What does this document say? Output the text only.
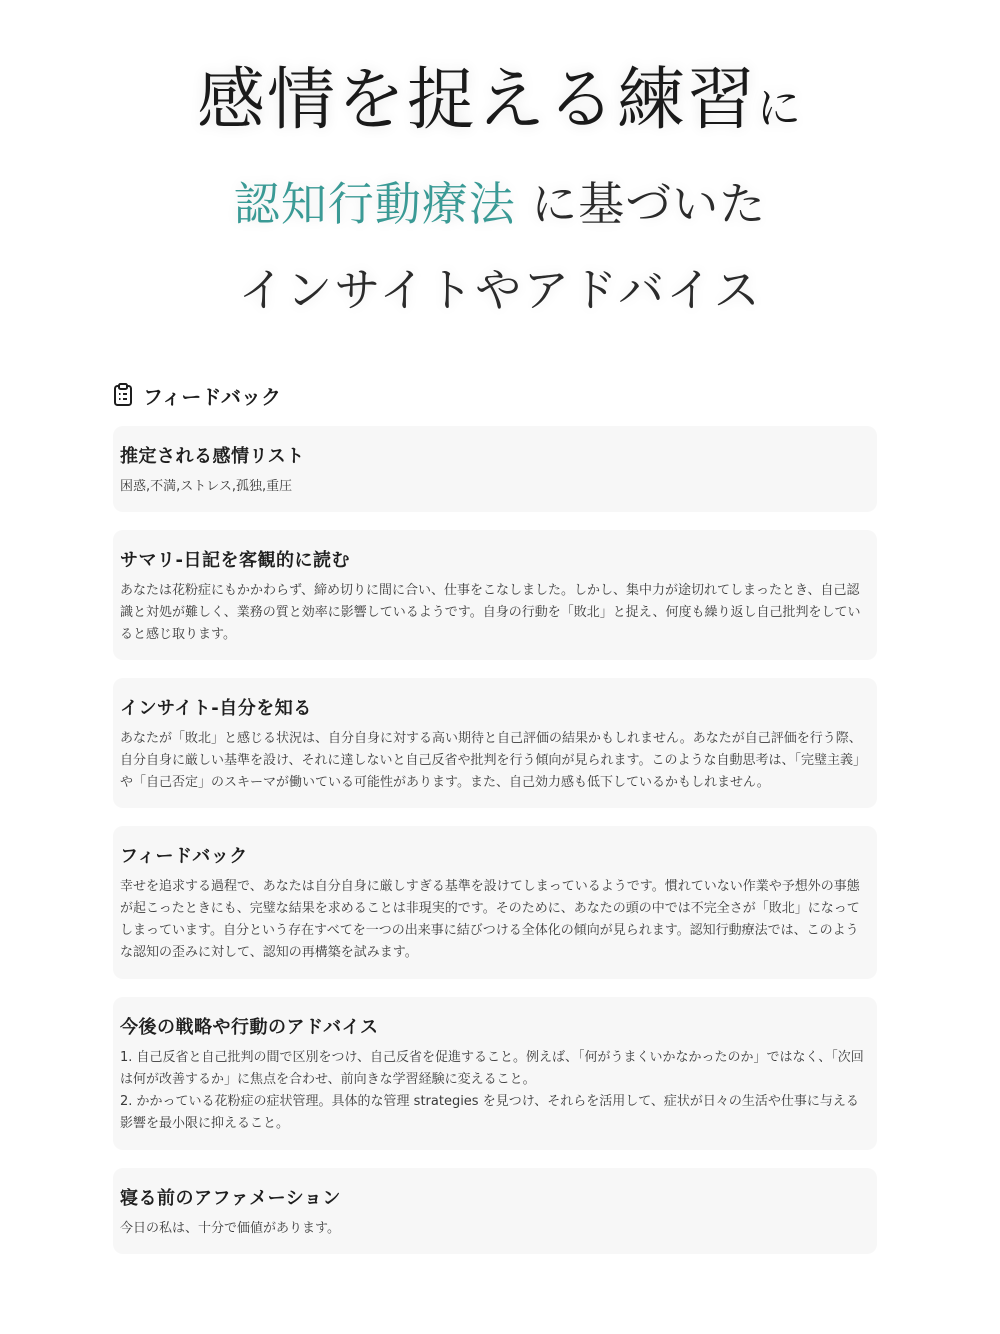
感情を捉える練習に
認知行動療法 に基づいた
インサイトやアドバイス
フィードバック
推定される感情リスト

困惑,不満,ストレス,孤独,重圧

サマリ-日記を客観的に読む

あなたは花粉症にもかかわらず、締め切りに間に合い、仕事をこなしました。しかし、集中力が途切れてしまったとき、自己認識と対処が難しく、業務の質と効率に影響しているようです。自身の行動を「敗北」と捉え、何度も繰り返し自己批判をしていると感じ取ります。

インサイト-自分を知る

あなたが「敗北」と感じる状況は、自分自身に対する高い期待と自己評価の結果かもしれません。あなたが自己評価を行う際、自分自身に厳しい基準を設け、それに達しないと自己反省や批判を行う傾向が見られます。このような自動思考は、「完璧主義」や「自己否定」のスキーマが働いている可能性があります。また、自己効力感も低下しているかもしれません。

フィードバック

幸せを追求する過程で、あなたは自分自身に厳しすぎる基準を設けてしまっているようです。慣れていない作業や予想外の事態が起こったときにも、完璧な結果を求めることは非現実的です。そのために、あなたの頭の中では不完全さが「敗北」になってしまっています。自分という存在すべてを一つの出来事に結びつける全体化の傾向が見られます。認知行動療法では、このような認知の歪みに対して、認知の再構築を試みます。

今後の戦略や行動のアドバイス

1. 自己反省と自己批判の間で区別をつけ、自己反省を促進すること。例えば、「何がうまくいかなかったのか」ではなく、「次回は何が改善するか」に焦点を合わせ、前向きな学習経験に変えること。
2. かかっている花粉症の症状管理。具体的な管理 strategies を見つけ、それらを活用して、症状が日々の生活や仕事に与える影響を最小限に抑えること。

寝る前のアファメーション

今日の私は、十分で価値があります。
